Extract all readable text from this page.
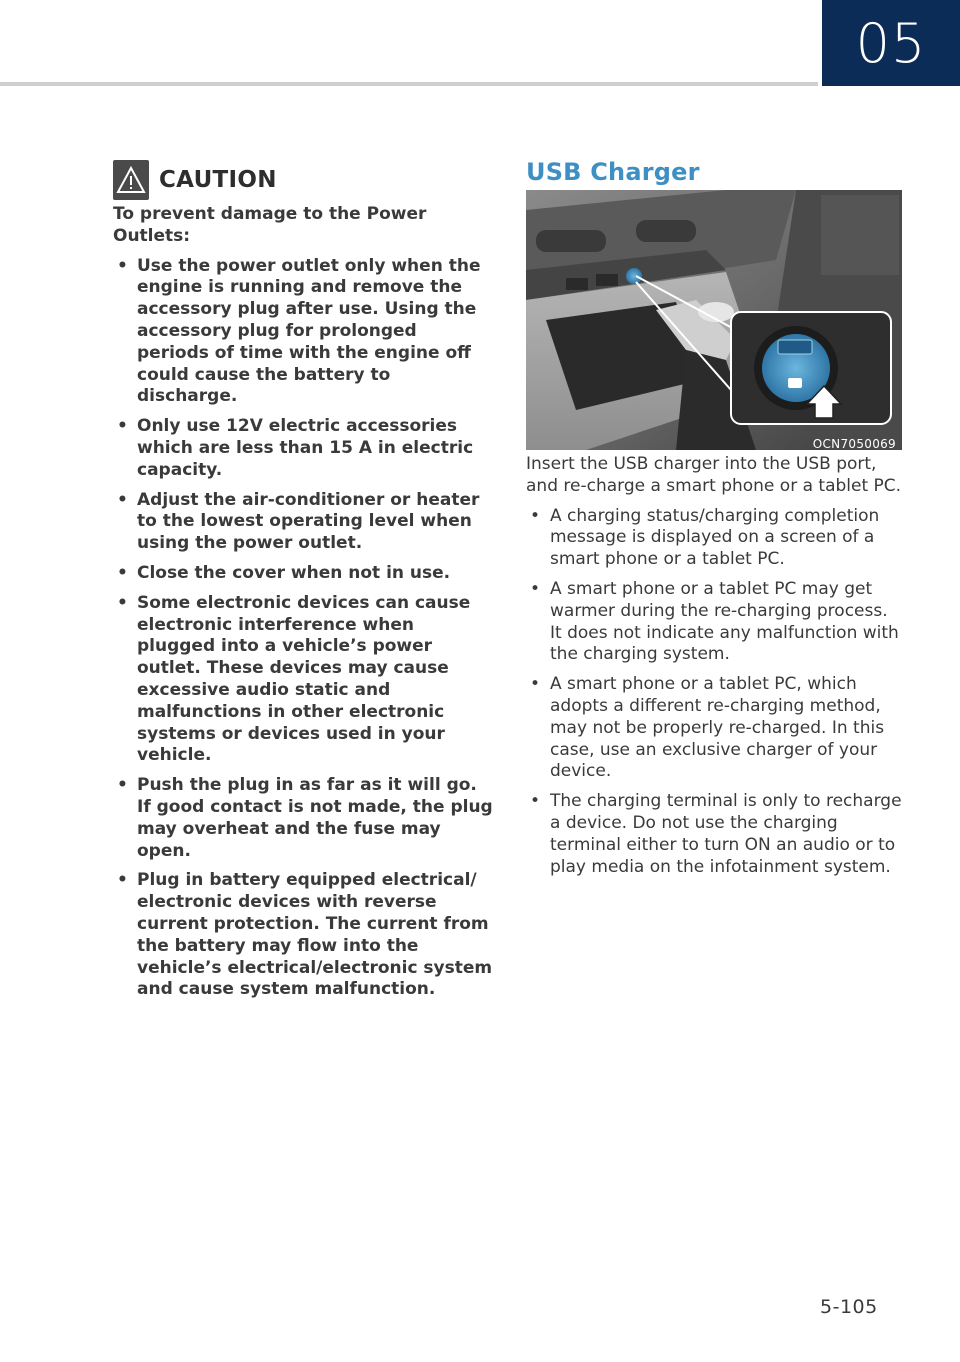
05
CAUTION

To prevent damage to the Power Outlets:

• Use the power outlet only when the engine is running and remove the accessory plug after use. Using the accessory plug for prolonged periods of time with the engine off could cause the battery to discharge.
• Only use 12V electric accessories which are less than 15 A in electric capacity.
• Adjust the air-conditioner or heater to the lowest operating level when using the power outlet.
• Close the cover when not in use.
• Some electronic devices can cause electronic interference when plugged into a vehicle’s power outlet. These devices may cause excessive audio static and malfunctions in other electronic systems or devices used in your vehicle.
• Push the plug in as far as it will go. If good contact is not made, the plug may overheat and the fuse may open.
• Plug in battery equipped electrical/ electronic devices with reverse current protection. The current from the battery may flow into the vehicle’s electrical/electronic system and cause system malfunction.
USB Charger
OCN7050069

Insert the USB charger into the USB port, and re-charge a smart phone or a tablet PC.

• A charging status/charging completion message is displayed on a screen of a smart phone or a tablet PC.
• A smart phone or a tablet PC may get warmer during the re-charging process. It does not indicate any malfunction with the charging system.
• A smart phone or a tablet PC, which adopts a different re-charging method, may not be properly re-charged. In this case, use an exclusive charger of your device.
• The charging terminal is only to recharge a device. Do not use the charging terminal either to turn ON an audio or to play media on the infotainment system.
5-105
